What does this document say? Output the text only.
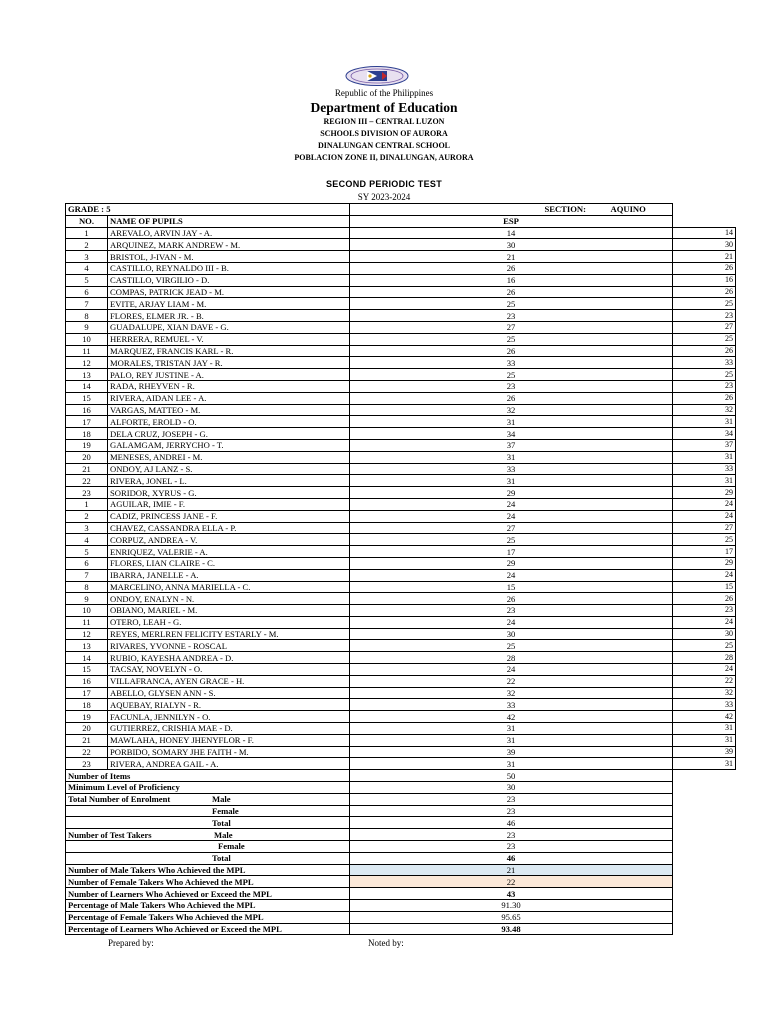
Republic of the Philippines
Department of Education
REGION III – CENTRAL LUZON
SCHOOLS DIVISION OF AURORA
DINALUNGAN CENTRAL SCHOOL
POBLACION ZONE II, DINALUNGAN, AURORA
SECOND PERIODIC TEST
SY 2023-2024
GRADE : 5		SECTION: AQUINO	
NO.	NAME OF PUPILS	ESP	
1	AREVALO, ARVIN JAY - A.	14	14
2	ARQUINEZ, MARK ANDREW - M.	30	30
3	BRISTOL, J-IVAN - M.	21	21
4	CASTILLO, REYNALDO III - B.	26	26
5	CASTILLO, VIRGILIO - D.	16	16
6	COMPAS, PATRICK JEAD - M.	26	26
7	EVITE, ARJAY LIAM - M.	25	25
8	FLORES, ELMER JR. - B.	23	23
9	GUADALUPE, XIAN DAVE - G.	27	27
10	HERRERA, REMUEL - V.	25	25
11	MARQUEZ, FRANCIS KARL - R.	26	26
12	MORALES, TRISTAN JAY - R.	33	33
13	PALO, REY JUSTINE - A.	25	25
14	RADA, RHEYVEN - R.	23	23
15	RIVERA, AIDAN LEE - A.	26	26
16	VARGAS, MATTEO - M.	32	32
17	ALFORTE, EROLD - O.	31	31
18	DELA CRUZ, JOSEPH - G.	34	34
19	GALAMGAM, JERRYCHO - T.	37	37
20	MENESES, ANDREI - M.	31	31
21	ONDOY, AJ LANZ - S.	33	33
22	RIVERA, JONEL - L.	31	31
23	SORIDOR, XYRUS - G.	29	29
1	AGUILAR, IMIE - F.	24	24
2	CADIZ, PRINCESS JANE - F.	24	24
3	CHAVEZ, CASSANDRA ELLA - P.	27	27
4	CORPUZ, ANDREA - V.	25	25
5	ENRIQUEZ, VALERIE - A.	17	17
6	FLORES, LIAN CLAIRE - C.	29	29
7	IBARRA, JANELLE - A.	24	24
8	MARCELINO, ANNA MARIELLA - C.	15	15
9	ONDOY, ENALYN - N.	26	26
10	OBIANO, MARIEL - M.	23	23
11	OTERO, LEAH - G.	24	24
12	REYES, MERLREN FELICITY ESTARLY - M.	30	30
13	RIVARES, YVONNE - ROSCAL	25	25
14	RUBIO, KAYESHA ANDREA - D.	28	28
15	TACSAY, NOVELYN - O.	24	24
16	VILLAFRANCA, AYEN GRACE - H.	22	22
17	ABELLO, GLYSEN ANN - S.	32	32
18	AQUEBAY, RIALYN - R.	33	33
19	FACUNLA, JENNILYN - O.	42	42
20	GUTIERREZ, CRISHIA MAE - D.	31	31
21	MAWLAHA, HONEY JHENYFLOR - F.	31	31
22	PORBIDO, SOMARY JHE FAITH - M.	39	39
23	RIVERA, ANDREA GAIL - A.	31	31
Number of Items		50	
Minimum Level of Proficiency		30	
Total Number of Enrolment Male		23	
Female		23	
Total		46	
Number of Test Takers Male		23	
Female		23	
Total		46	
Number of Male Takers Who Achieved the MPL		21	
Number of Female Takers Who Achieved the MPL		22	
Number of Learners Who Achieved or Exceed the MPL		43	
Percentage of Male Takers Who Achieved the MPL		91.30	
Percentage of Female Takers Who Achieved the MPL		95.65	
Percentage of Learners Who Achieved or Exceed the MPL		93.48	
Prepared by:	Noted by:
